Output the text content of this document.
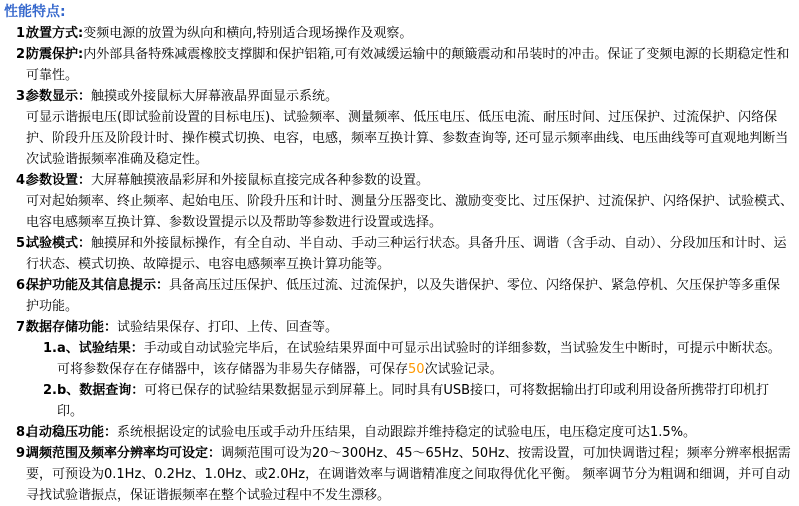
性能特点:
1.
放置方式:变频电源的放置为纵向和横向,特别适合现场操作及观察。
2.
防震保护:内外部具备特殊减震橡胶支撑脚和保护铝箱,可有效减缓运输中的颠簸震动和吊装时的冲击。保证了变频电源的长期稳定性和可靠性。
3.
参数显示：触摸或外接鼠标大屏幕液晶界面显示系统。
可显示谐振电压(即试验前设置的目标电压)、试验频率、测量频率、低压电压、低压电流、耐压时间、过压保护、过流保护、闪络保护、阶段升压及阶段计时、操作模式切换、电容，电感，频率互换计算、参数查询等, 还可显示频率曲线、电压曲线等可直观地判断当次试验谐振频率准确及稳定性。
4.
参数设置：大屏幕触摸液晶彩屏和外接鼠标直接完成各种参数的设置。
可对起始频率、终止频率、起始电压、阶段升压和计时、测量分压器变比、激励变变比、过压保护、过流保护、闪络保护、试验模式、电容电感频率互换计算、参数设置提示以及帮助等参数进行设置或选择。
5.
试验模式：触摸屏和外接鼠标操作，有全自动、半自动、手动三种运行状态。具备升压、调谐（含手动、自动）、分段加压和计时、运行状态、模式切换、故障提示、电容电感频率互换计算功能等。
6.
保护功能及其信息提示：具备高压过压保护、低压过流、过流保护，以及失谐保护、零位、闪络保护、紧急停机、欠压保护等多重保护功能。
7.
数据存储功能：试验结果保存、打印、上传、回查等。
1. a、试验结果：手动或自动试验完毕后，在试验结果界面中可显示出试验时的详细参数，当试验发生中断时，可提示中断状态。可将参数保存在存储器中，该存储器为非易失存储器，可保存50次试验记录。
2. b、数据查询：可将已保存的试验结果数据显示到屏幕上。同时具有USB接口，可将数据输出打印或利用设备所携带打印机打印。
8.
自动稳压功能：系统根据设定的试验电压或手动升压结果，自动跟踪并维持稳定的试验电压，电压稳定度可达1.5%。
9.
调频范围及频率分辨率均可设定：调频范围可设为20～300Hz、45～65Hz、50Hz、按需设置，可加快调谐过程；频率分辨率根据需要，可预设为0.1Hz、0.2Hz、1.0Hz、或2.0Hz，在调谐效率与调谐精准度之间取得优化平衡。 频率调节分为粗调和细调，并可自动寻找试验谐振点，保证谐振频率在整个试验过程中不发生漂移。
